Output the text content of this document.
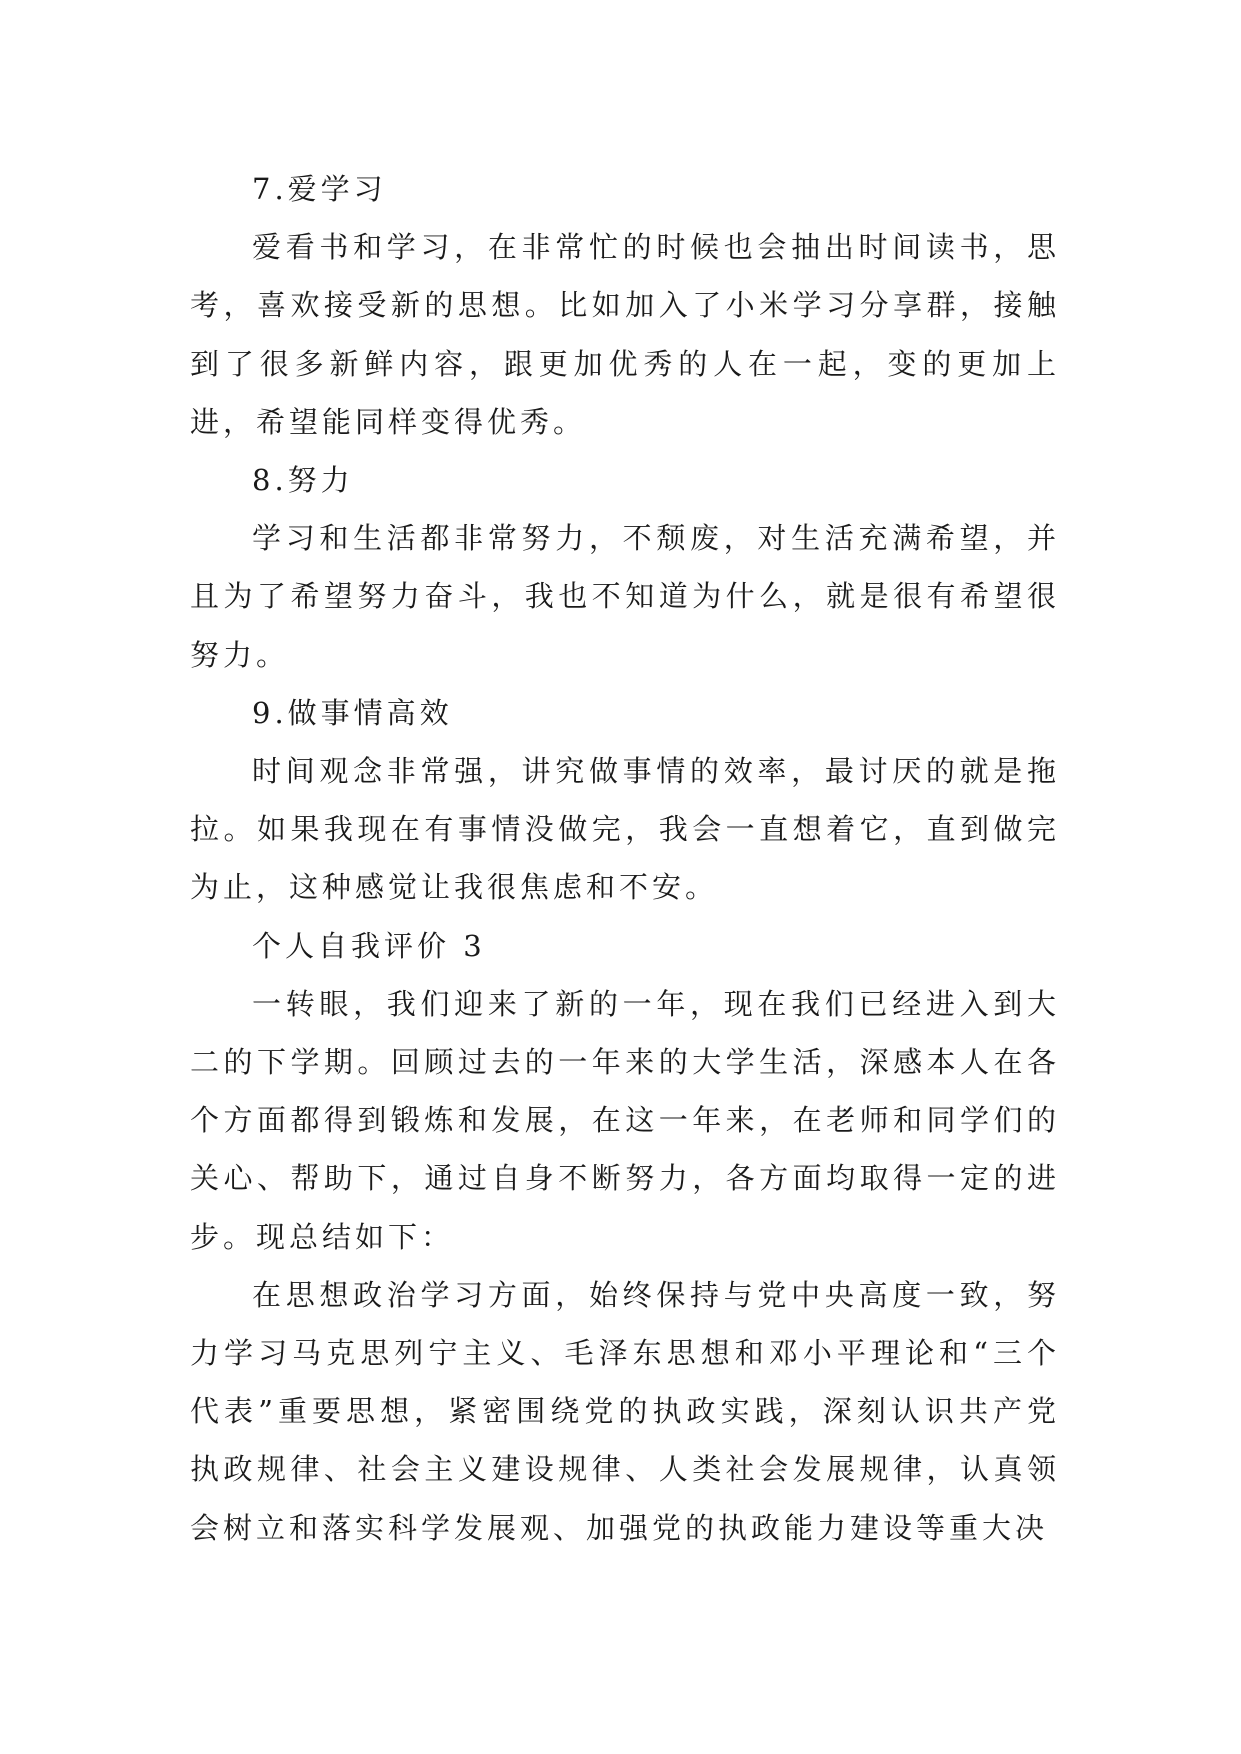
7.爱学习

爱看书和学习，在非常忙的时候也会抽出时间读书，思考，喜欢接受新的思想。比如加入了小米学习分享群，接触到了很多新鲜内容，跟更加优秀的人在一起，变的更加上进，希望能同样变得优秀。

8.努力

学习和生活都非常努力，不颓废，对生活充满希望，并且为了希望努力奋斗，我也不知道为什么，就是很有希望很努力。

9.做事情高效

时间观念非常强，讲究做事情的效率，最讨厌的就是拖拉。如果我现在有事情没做完，我会一直想着它，直到做完为止，这种感觉让我很焦虑和不安。

个人自我评价 3

一转眼，我们迎来了新的一年，现在我们已经进入到大二的下学期。回顾过去的一年来的大学生活，深感本人在各个方面都得到锻炼和发展，在这一年来，在老师和同学们的关心、帮助下，通过自身不断努力，各方面均取得一定的进步。现总结如下：

在思想政治学习方面，始终保持与党中央高度一致，努力学习马克思列宁主义、毛泽东思想和邓小平理论和“三个代表”重要思想，紧密围绕党的执政实践，深刻认识共产党执政规律、社会主义建设规律、人类社会发展规律，认真领会树立和落实科学发展观、加强党的执政能力建设等重大决
